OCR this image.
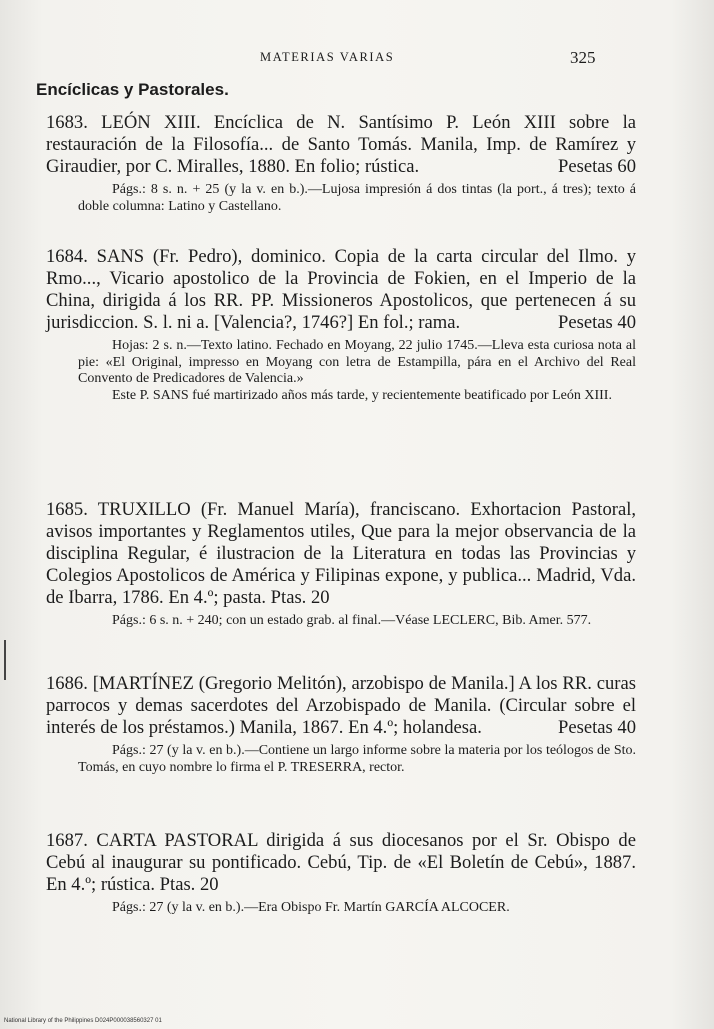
MATERIAS VARIAS	325
Encíclicas y Pastorales.

1683. LEÓN XIII. Encíclica de N. Santísimo P. León XIII sobre la restauración de la Filosofía... de Santo Tomás. Manila, Imp. de Ramírez y Giraudier, por C. Miralles, 1880. En folio; rústica.	Pesetas 60

Págs.: 8 s. n. + 25 (y la v. en b.).—Lujosa impresión á dos tintas (la port., á tres); texto á doble columna: Latino y Castellano.

1684. SANS (Fr. Pedro), dominico. Copia de la carta circular del Ilmo. y Rmo..., Vicario apostolico de la Provincia de Fokien, en el Imperio de la China, dirigida á los RR. PP. Missioneros Apostolicos, que pertenecen á su jurisdiccion. S. l. ni a. [Valencia?, 1746?] En fol.; rama.	Pesetas 40

Hojas: 2 s. n.—Texto latino. Fechado en Moyang, 22 julio 1745.—Lleva esta curiosa nota al pie: «El Original, impresso en Moyang con letra de Estampilla, pára en el Archivo del Real Convento de Predicadores de Valencia.»

Este P. SANS fué martirizado años más tarde, y recientemente beatificado por León XIII.

1685. TRUXILLO (Fr. Manuel María), franciscano. Exhortacion Pastoral, avisos importantes y Reglamentos utiles, Que para la mejor observancia de la disciplina Regular, é ilustracion de la Literatura en todas las Provincias y Colegios Apostolicos de América y Filipinas expone, y publica... Madrid, Vda. de Ibarra, 1786. En 4.º; pasta. Ptas. 20

Págs.: 6 s. n. + 240; con un estado grab. al final.—Véase LECLERC, Bib. Amer. 577.

1686. [MARTÍNEZ (Gregorio Melitón), arzobispo de Manila.] A los RR. curas parrocos y demas sacerdotes del Arzobispado de Manila. (Circular sobre el interés de los préstamos.) Manila, 1867. En 4.º; holandesa.	Pesetas 40

Págs.: 27 (y la v. en b.).—Contiene un largo informe sobre la materia por los teólogos de Sto. Tomás, en cuyo nombre lo firma el P. TRESERRA, rector.

1687. CARTA PASTORAL dirigida á sus diocesanos por el Sr. Obispo de Cebú al inaugurar su pontificado. Cebú, Tip. de «El Boletín de Cebú», 1887. En 4.º; rústica. Ptas. 20

Págs.: 27 (y la v. en b.).—Era Obispo Fr. Martín GARCÍA ALCOCER.

National Library of the Philippines D024P000038560327 01
